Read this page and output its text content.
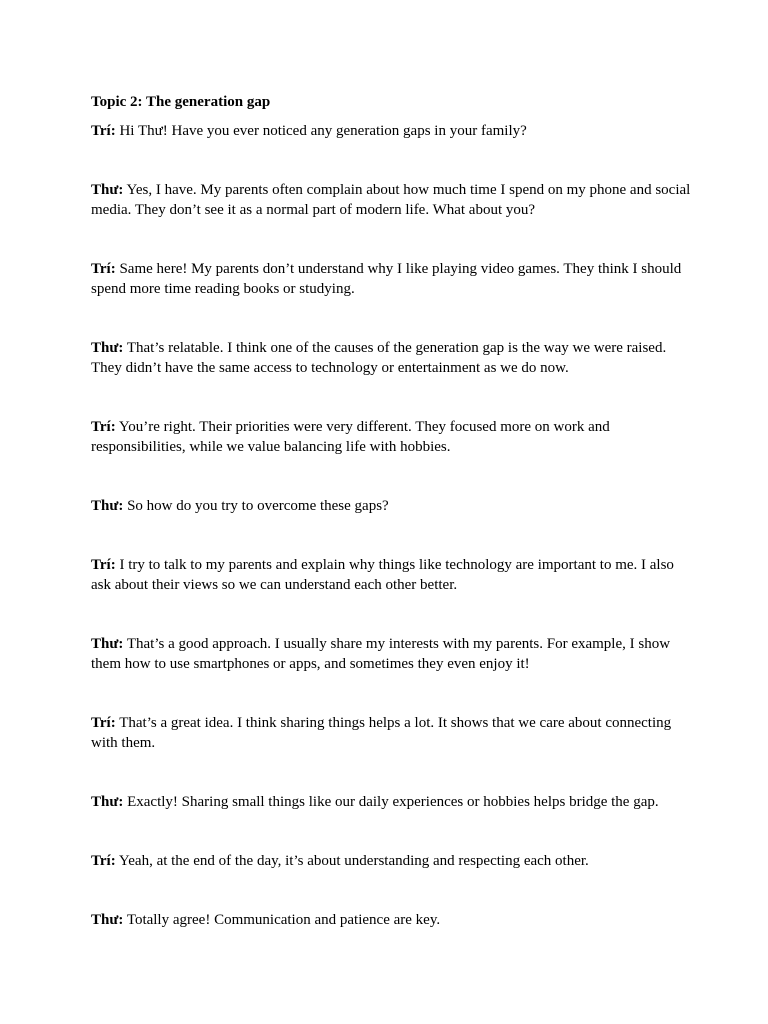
Topic 2: The generation gap

Trí: Hi Thư! Have you ever noticed any generation gaps in your family?

Thư: Yes, I have. My parents often complain about how much time I spend on my phone and social media. They don’t see it as a normal part of modern life. What about you?

Trí: Same here! My parents don’t understand why I like playing video games. They think I should spend more time reading books or studying.

Thư: That’s relatable. I think one of the causes of the generation gap is the way we were raised. They didn’t have the same access to technology or entertainment as we do now.

Trí: You’re right. Their priorities were very different. They focused more on work and responsibilities, while we value balancing life with hobbies.

Thư: So how do you try to overcome these gaps?

Trí: I try to talk to my parents and explain why things like technology are important to me. I also ask about their views so we can understand each other better.

Thư: That’s a good approach. I usually share my interests with my parents. For example, I show them how to use smartphones or apps, and sometimes they even enjoy it!

Trí: That’s a great idea. I think sharing things helps a lot. It shows that we care about connecting with them.

Thư: Exactly! Sharing small things like our daily experiences or hobbies helps bridge the gap.

Trí: Yeah, at the end of the day, it’s about understanding and respecting each other.

Thư: Totally agree! Communication and patience are key.
